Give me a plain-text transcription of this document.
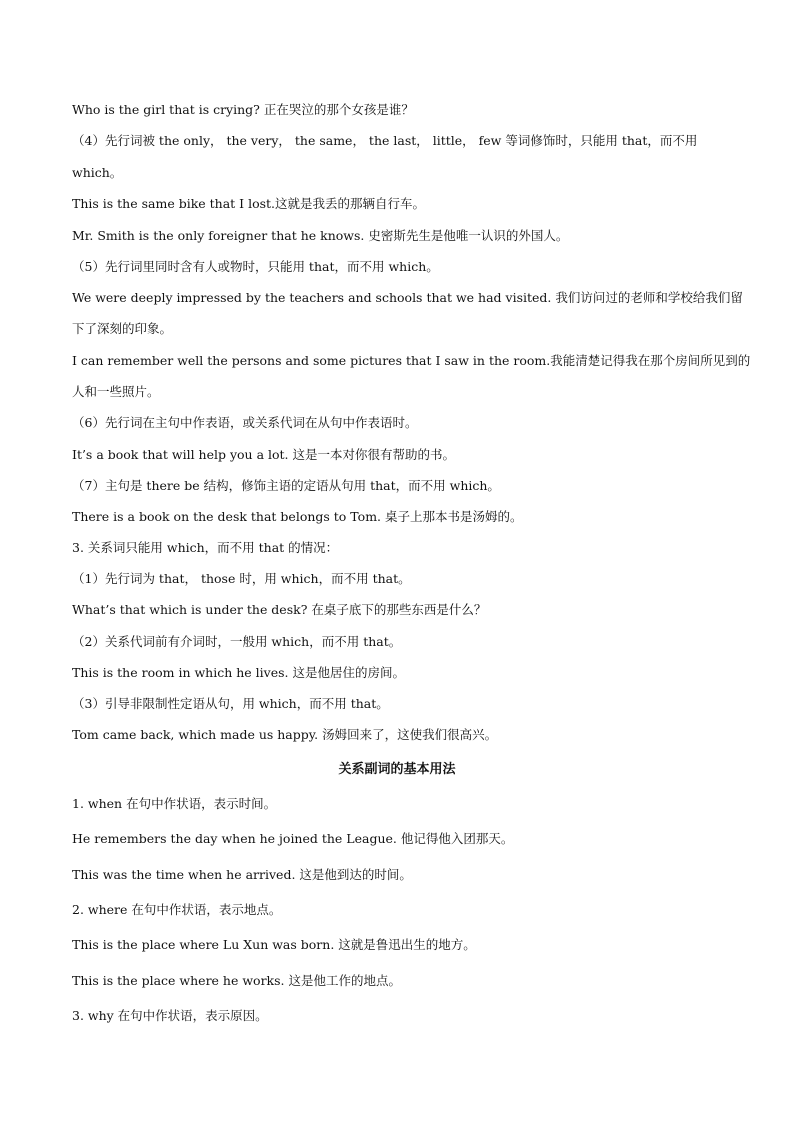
Who is the girl that is crying? 正在哭泣的那个女孩是谁？
（4）先行词被 the only， the very， the same， the last， little， few 等词修饰时，只能用 that，而不用
which。
This is the same bike that I lost.这就是我丢的那辆自行车。
Mr. Smith is the only foreigner that he knows. 史密斯先生是他唯一认识的外国人。
（5）先行词里同时含有人或物时，只能用 that，而不用 which。
We were deeply impressed by the teachers and schools that we had visited. 我们访问过的老师和学校给我们留
下了深刻的印象。
I can remember well the persons and some pictures that I saw in the room.我能清楚记得我在那个房间所见到的
人和一些照片。
（6）先行词在主句中作表语，或关系代词在从句中作表语时。
It’s a book that will help you a lot. 这是一本对你很有帮助的书。
（7）主句是 there be 结构，修饰主语的定语从句用 that，而不用 which。
There is a book on the desk that belongs to Tom. 桌子上那本书是汤姆的。
3. 关系词只能用 which，而不用 that 的情况：
（1）先行词为 that， those 时，用 which，而不用 that。
What’s that which is under the desk? 在桌子底下的那些东西是什么？
（2）关系代词前有介词时，一般用 which，而不用 that。
This is the room in which he lives. 这是他居住的房间。
（3）引导非限制性定语从句，用 which，而不用 that。
Tom came back, which made us happy. 汤姆回来了，这使我们很高兴。
关系副词的基本用法
1. when 在句中作状语，表示时间。
He remembers the day when he joined the League. 他记得他入团那天。
This was the time when he arrived. 这是他到达的时间。
2. where 在句中作状语，表示地点。
This is the place where Lu Xun was born. 这就是鲁迅出生的地方。
This is the place where he works. 这是他工作的地点。
3. why 在句中作状语，表示原因。
